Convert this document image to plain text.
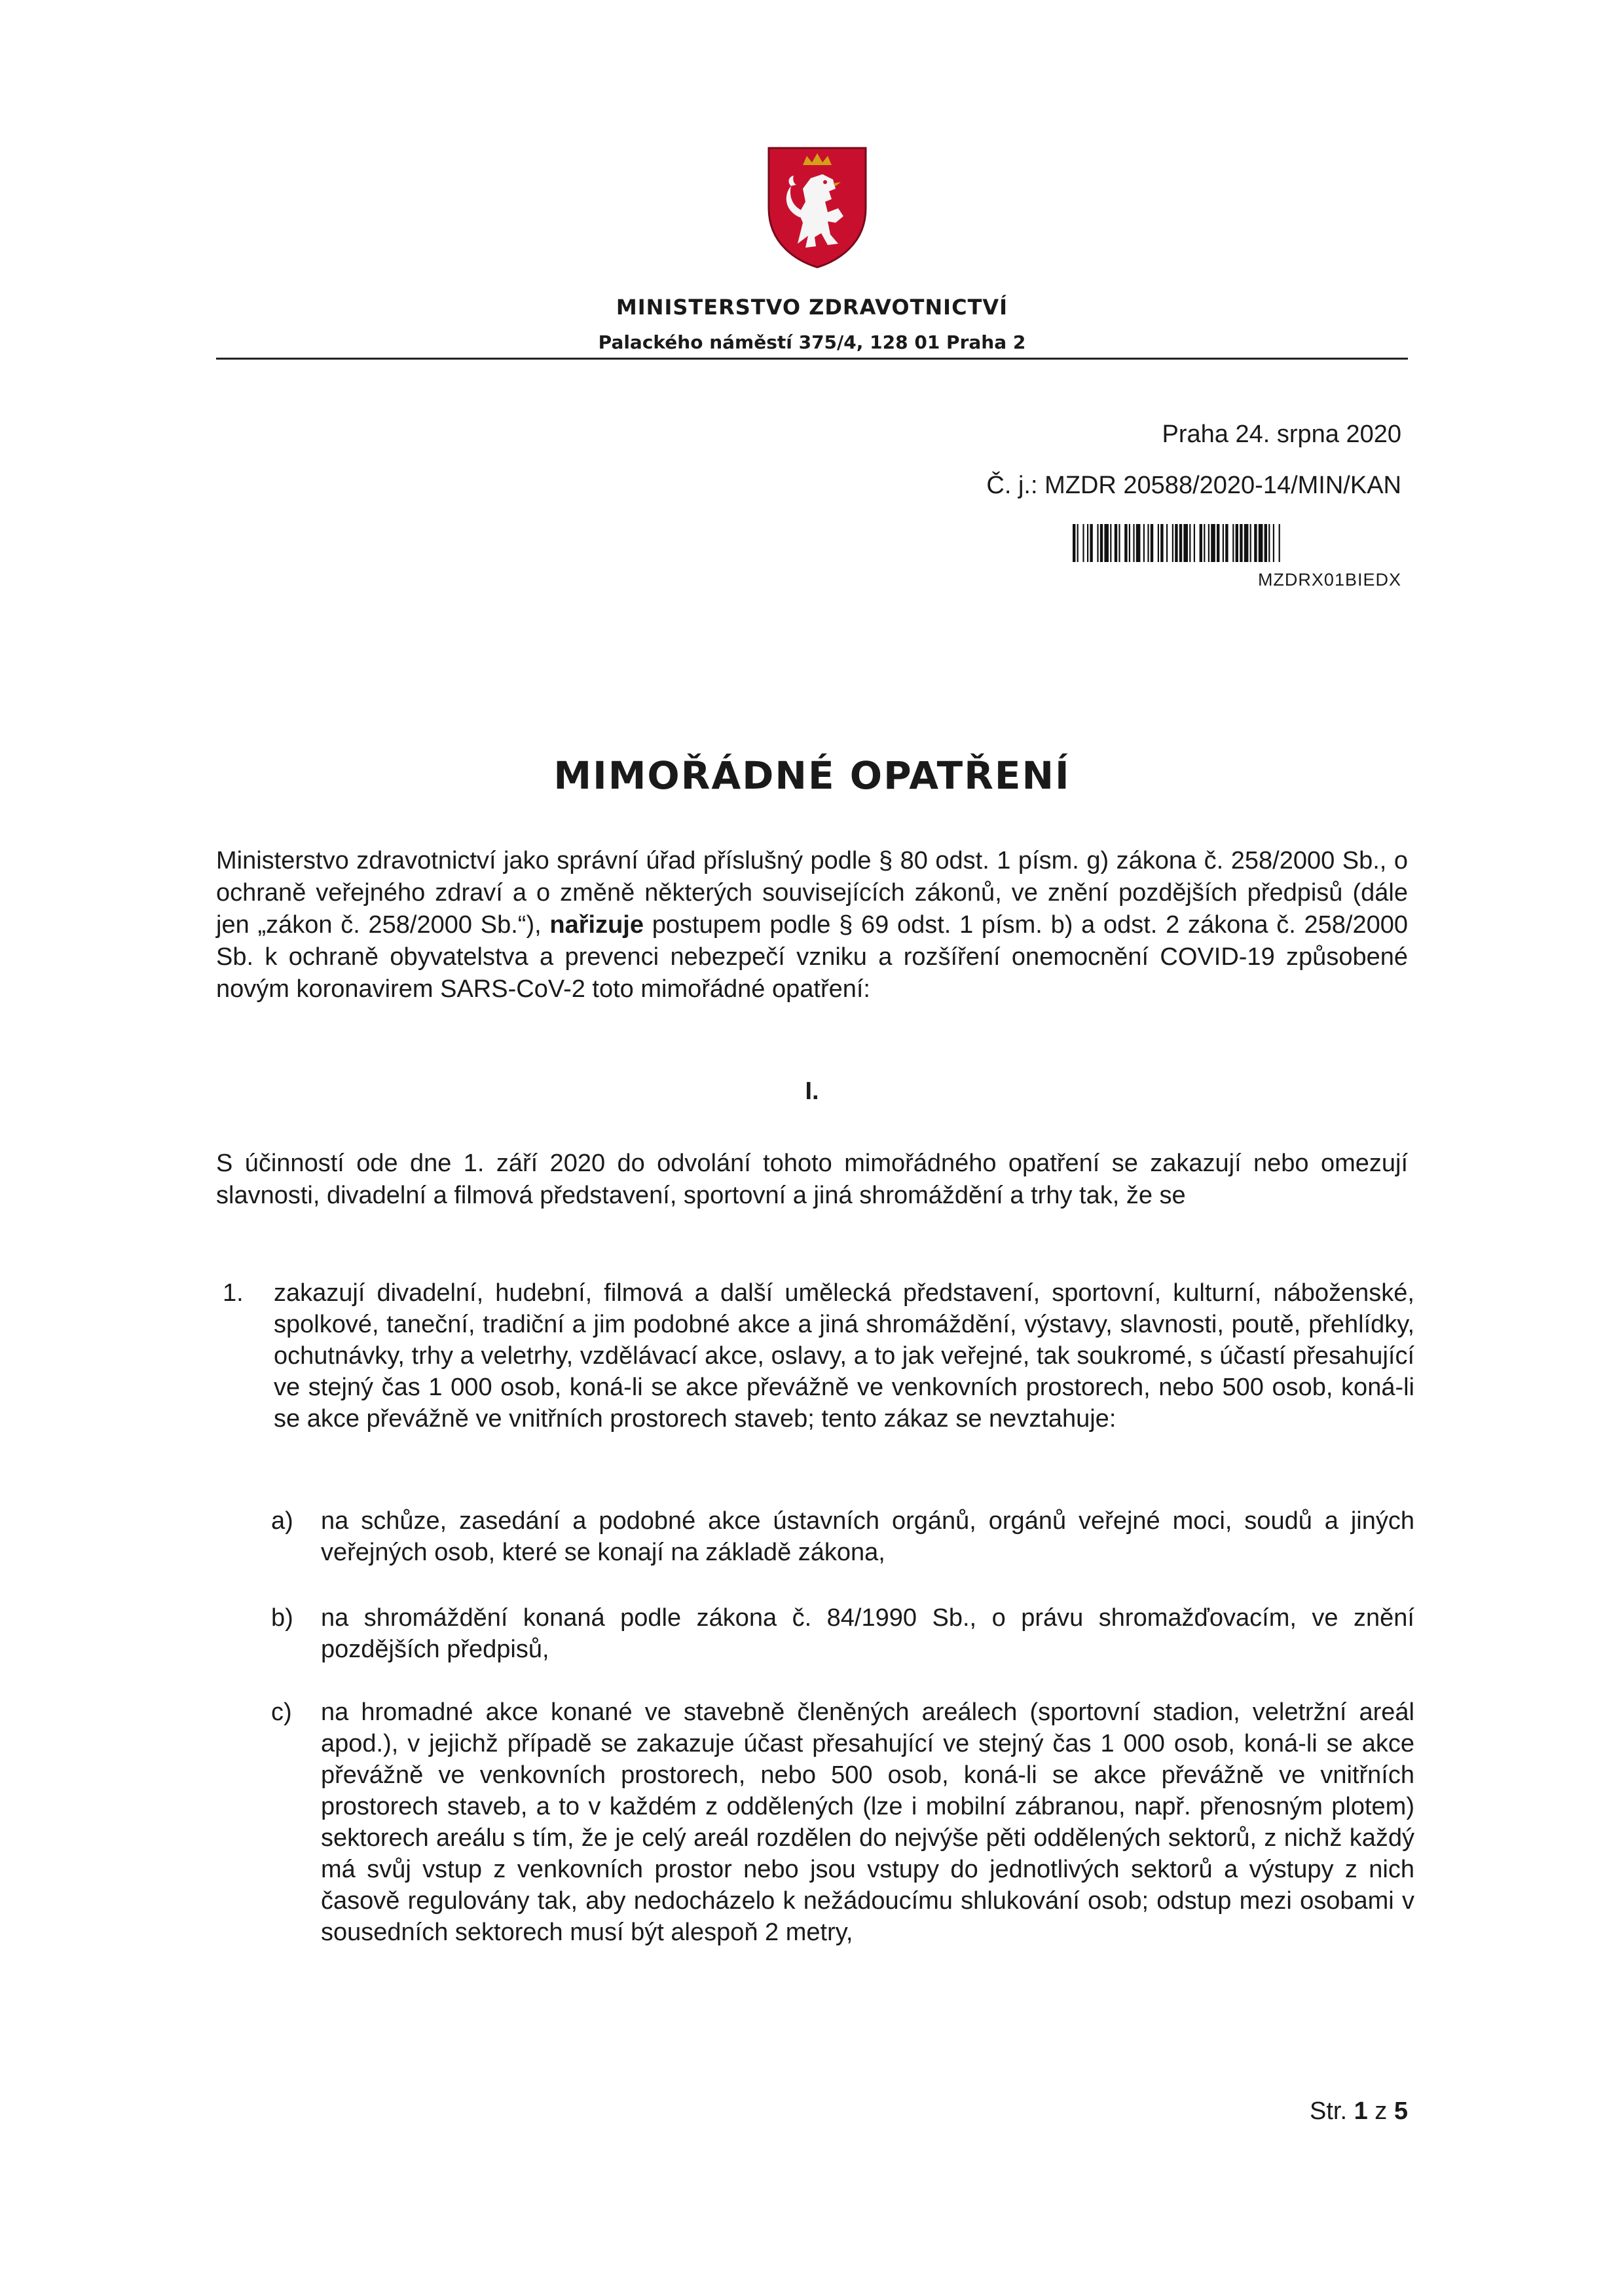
MINISTERSTVO ZDRAVOTNICTVÍ
Palackého náměstí 375/4, 128 01 Praha 2
Praha 24. srpna 2020
Č. j.: MZDR 20588/2020-14/MIN/KAN
MZDRX01BIEDX
MIMOŘÁDNÉ OPATŘENÍ

Ministerstvo zdravotnictví jako správní úřad příslušný podle § 80 odst. 1 písm. g) zákona č. 258/2000 Sb., o ochraně veřejného zdraví a o změně některých souvisejících zákonů, ve znění pozdějších předpisů (dále jen „zákon č. 258/2000 Sb.“), nařizuje postupem podle § 69 odst. 1 písm. b) a odst. 2 zákona č. 258/2000 Sb. k ochraně obyvatelstva a prevenci nebezpečí vzniku a rozšíření onemocnění COVID-19 způsobené novým koronavirem SARS-CoV-2 toto mimořádné opatření:

I.

S účinností ode dne 1. září 2020 do odvolání tohoto mimořádného opatření se zakazují nebo omezují slavnosti, divadelní a filmová představení, sportovní a jiná shromáždění a trhy tak, že se

1. zakazují divadelní, hudební, filmová a další umělecká představení, sportovní, kulturní, náboženské, spolkové, taneční, tradiční a jim podobné akce a jiná shromáždění, výstavy, slavnosti, poutě, přehlídky, ochutnávky, trhy a veletrhy, vzdělávací akce, oslavy, a to jak veřejné, tak soukromé, s účastí přesahující ve stejný čas 1 000 osob, koná-li se akce převážně ve venkovních prostorech, nebo 500 osob, koná-li se akce převážně ve vnitřních prostorech staveb; tento zákaz se nevztahuje:

a) na schůze, zasedání a podobné akce ústavních orgánů, orgánů veřejné moci, soudů a jiných veřejných osob, které se konají na základě zákona,

b) na shromáždění konaná podle zákona č. 84/1990 Sb., o právu shromažďovacím, ve znění pozdějších předpisů,

c) na hromadné akce konané ve stavebně členěných areálech (sportovní stadion, veletržní areál apod.), v jejichž případě se zakazuje účast přesahující ve stejný čas 1 000 osob, koná-li se akce převážně ve venkovních prostorech, nebo 500 osob, koná-li se akce převážně ve vnitřních prostorech staveb, a to v každém z oddělených (lze i mobilní zábranou, např. přenosným plotem) sektorech areálu s tím, že je celý areál rozdělen do nejvýše pěti oddělených sektorů, z nichž každý má svůj vstup z venkovních prostor nebo jsou vstupy do jednotlivých sektorů a výstupy z nich časově regulovány tak, aby nedocházelo k nežádoucímu shlukování osob; odstup mezi osobami v sousedních sektorech musí být alespoň 2 metry,

Str. 1 z 5
